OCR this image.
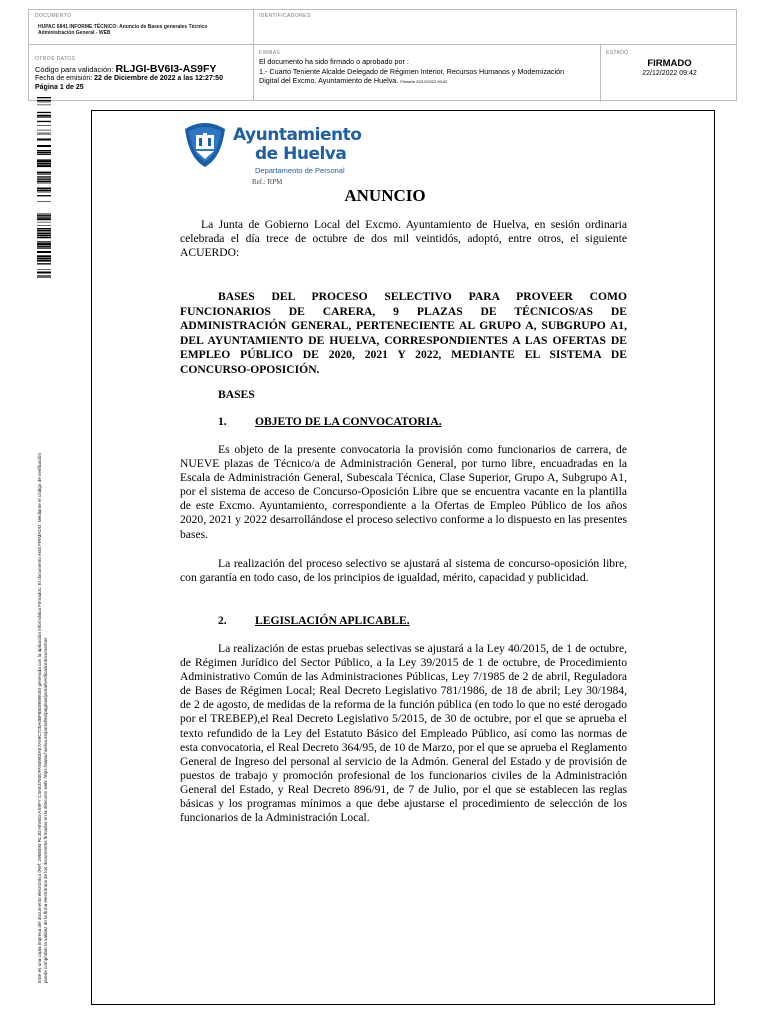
DOCUMENTO
HUPAC 6841 INFORME TÉCNICO: Anuncio de Bases generales Técnico Administración General - WEB
IDENTIFICADORES
OTROS DATOS
Código para validación: RLJGI-BV6I3-AS9FY
Fecha de emisión: 22 de Diciembre de 2022 a las 12:27:50
Página 1 de 25
FIRMAS
El documento ha sido firmado o aprobado por :
1.- Cuarto Teniente Alcalde Delegado de Régimen Interior, Recursos Humanos y Modernización
Digital del Excmo. Ayuntamiento de Huelva. Firmado 22/12/2022 09:42
ESTADO
FIRMADO
22/12/2022 09:42
Este es una copia impresa del documento electrónico (Ref: 2956093 RLJGI-BV6I3-AS9FY C4AE3750DFA939B3AE7A59C725A0BF88DB69E00) generada con la aplicación informática Firmadoc. El documento está FIRMADO. Mediante el código de verificación puede comprobar la validez de la firma electrónica de los documentos firmados en la dirección web: https://www.huelva.es/portal/es/paginas/portal/verificadordocumentos
Ayuntamiento
de Huelva
Departamento de Personal
Ref.: RPM
ANUNCIO
La Junta de Gobierno Local del Excmo. Ayuntamiento de Huelva, en sesión ordinaria celebrada el día trece de octubre de dos mil veintidós, adoptó, entre otros, el siguiente ACUERDO:
BASES DEL PROCESO SELECTIVO PARA PROVEER COMO FUNCIONARIOS DE CARERA, 9 PLAZAS DE TÉCNICOS/AS DE ADMINISTRACIÓN GENERAL, PERTENECIENTE AL GRUPO A, SUBGRUPO A1, DEL AYUNTAMIENTO DE HUELVA, CORRESPONDIENTES A LAS OFERTAS DE EMPLEO PÚBLICO DE 2020, 2021 Y 2022, MEDIANTE EL SISTEMA DE CONCURSO-OPOSICIÓN.
BASES
1. OBJETO DE LA CONVOCATORIA.
Es objeto de la presente convocatoria la provisión como funcionarios de carrera, de NUEVE plazas de Técnico/a de Administración General, por turno libre, encuadradas en la Escala de Administración General, Subescala Técnica, Clase Superior, Grupo A, Subgrupo A1, por el sistema de acceso de Concurso-Oposición Libre que se encuentra vacante en la plantilla de este Excmo. Ayuntamiento, correspondiente a la Ofertas de Empleo Público de los años 2020, 2021 y 2022 desarrollándose el proceso selectivo conforme a lo dispuesto en las presentes bases.
La realización del proceso selectivo se ajustará al sistema de concurso-oposición libre, con garantía en todo caso, de los principios de igualdad, mérito, capacidad y publicidad.
2. LEGISLACIÓN APLICABLE.
La realización de estas pruebas selectivas se ajustará a la Ley 40/2015, de 1 de octubre, de Régimen Jurídico del Sector Público, a la Ley 39/2015 de 1 de octubre, de Procedimiento Administrativo Común de las Administraciones Públicas, Ley 7/1985 de 2 de abril, Reguladora de Bases de Régimen Local; Real Decreto Legislativo 781/1986, de 18 de abril; Ley 30/1984, de 2 de agosto, de medidas de la reforma de la función pública (en todo lo que no esté derogado por el TREBEP),el Real Decreto Legislativo 5/2015, de 30 de octubre, por el que se aprueba el texto refundido de la Ley del Estatuto Básico del Empleado Público, así como las normas de esta convocatoria, el Real Decreto 364/95, de 10 de Marzo, por el que se aprueba el Reglamento General de Ingreso del personal al servicio de la Admón. General del Estado y de provisión de puestos de trabajo y promoción profesional de los funcionarios civiles de la Administración General del Estado, y Real Decreto 896/91, de 7 de Julio, por el que se establecen las reglas básicas y los programas mínimos a que debe ajustarse el procedimiento de selección de los funcionarios de la Administración Local.
